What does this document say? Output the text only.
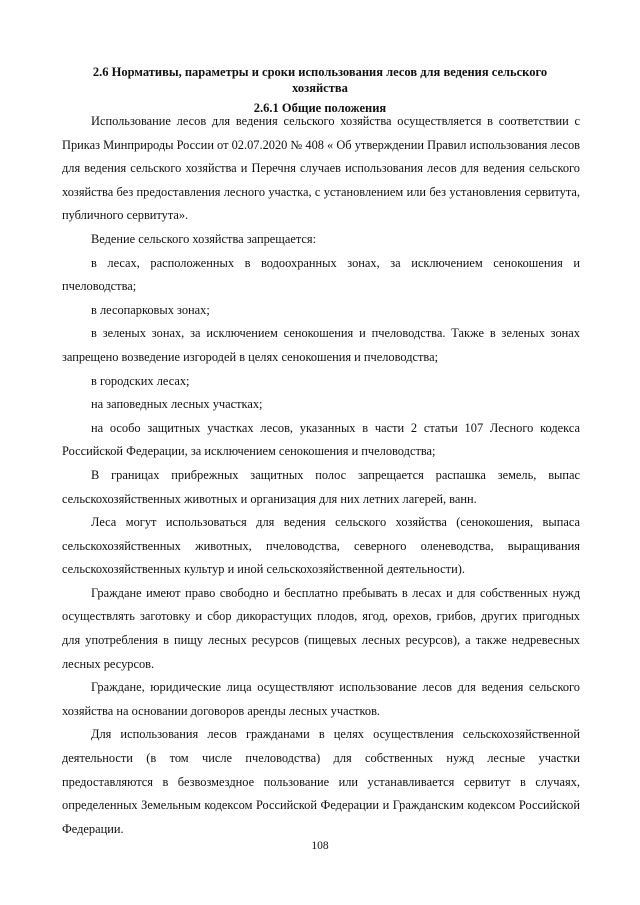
2.6 Нормативы, параметры и сроки использования лесов для ведения сельского хозяйства
2.6.1 Общие положения

Использование лесов для ведения сельского хозяйства осуществляется в соответствии с Приказ Минприроды России от 02.07.2020 № 408 « Об утверждении Правил использования лесов для ведения сельского хозяйства и Перечня случаев использования лесов для ведения сельского хозяйства без предоставления лесного участка, с установлением или без установления сервитута, публичного сервитута».

Ведение сельского хозяйства запрещается:

в лесах, расположенных в водоохранных зонах, за исключением сенокошения и пчеловодства;

в лесопарковых зонах;

в зеленых зонах, за исключением сенокошения и пчеловодства. Также в зеленых зонах запрещено возведение изгородей в целях сенокошения и пчеловодства;

в городских лесах;

на заповедных лесных участках;

на особо защитных участках лесов, указанных в части 2 статьи 107 Лесного кодекса Российской Федерации, за исключением сенокошения и пчеловодства;

В границах прибрежных защитных полос запрещается распашка земель, выпас сельскохозяйственных животных и организация для них летних лагерей, ванн.

Леса могут использоваться для ведения сельского хозяйства (сенокошения, выпаса сельскохозяйственных животных, пчеловодства, северного оленеводства, выращивания сельскохозяйственных культур и иной сельскохозяйственной деятельности).

Граждане имеют право свободно и бесплатно пребывать в лесах и для собственных нужд осуществлять заготовку и сбор дикорастущих плодов, ягод, орехов, грибов, других пригодных для употребления в пищу лесных ресурсов (пищевых лесных ресурсов), а также недревесных лесных ресурсов.

Граждане, юридические лица осуществляют использование лесов для ведения сельского хозяйства на основании договоров аренды лесных участков.

Для использования лесов гражданами в целях осуществления сельскохозяйственной деятельности (в том числе пчеловодства) для собственных нужд лесные участки предоставляются в безвозмездное пользование или устанавливается сервитут в случаях, определенных Земельным кодексом Российской Федерации и Гражданским кодексом Российской Федерации.

108
